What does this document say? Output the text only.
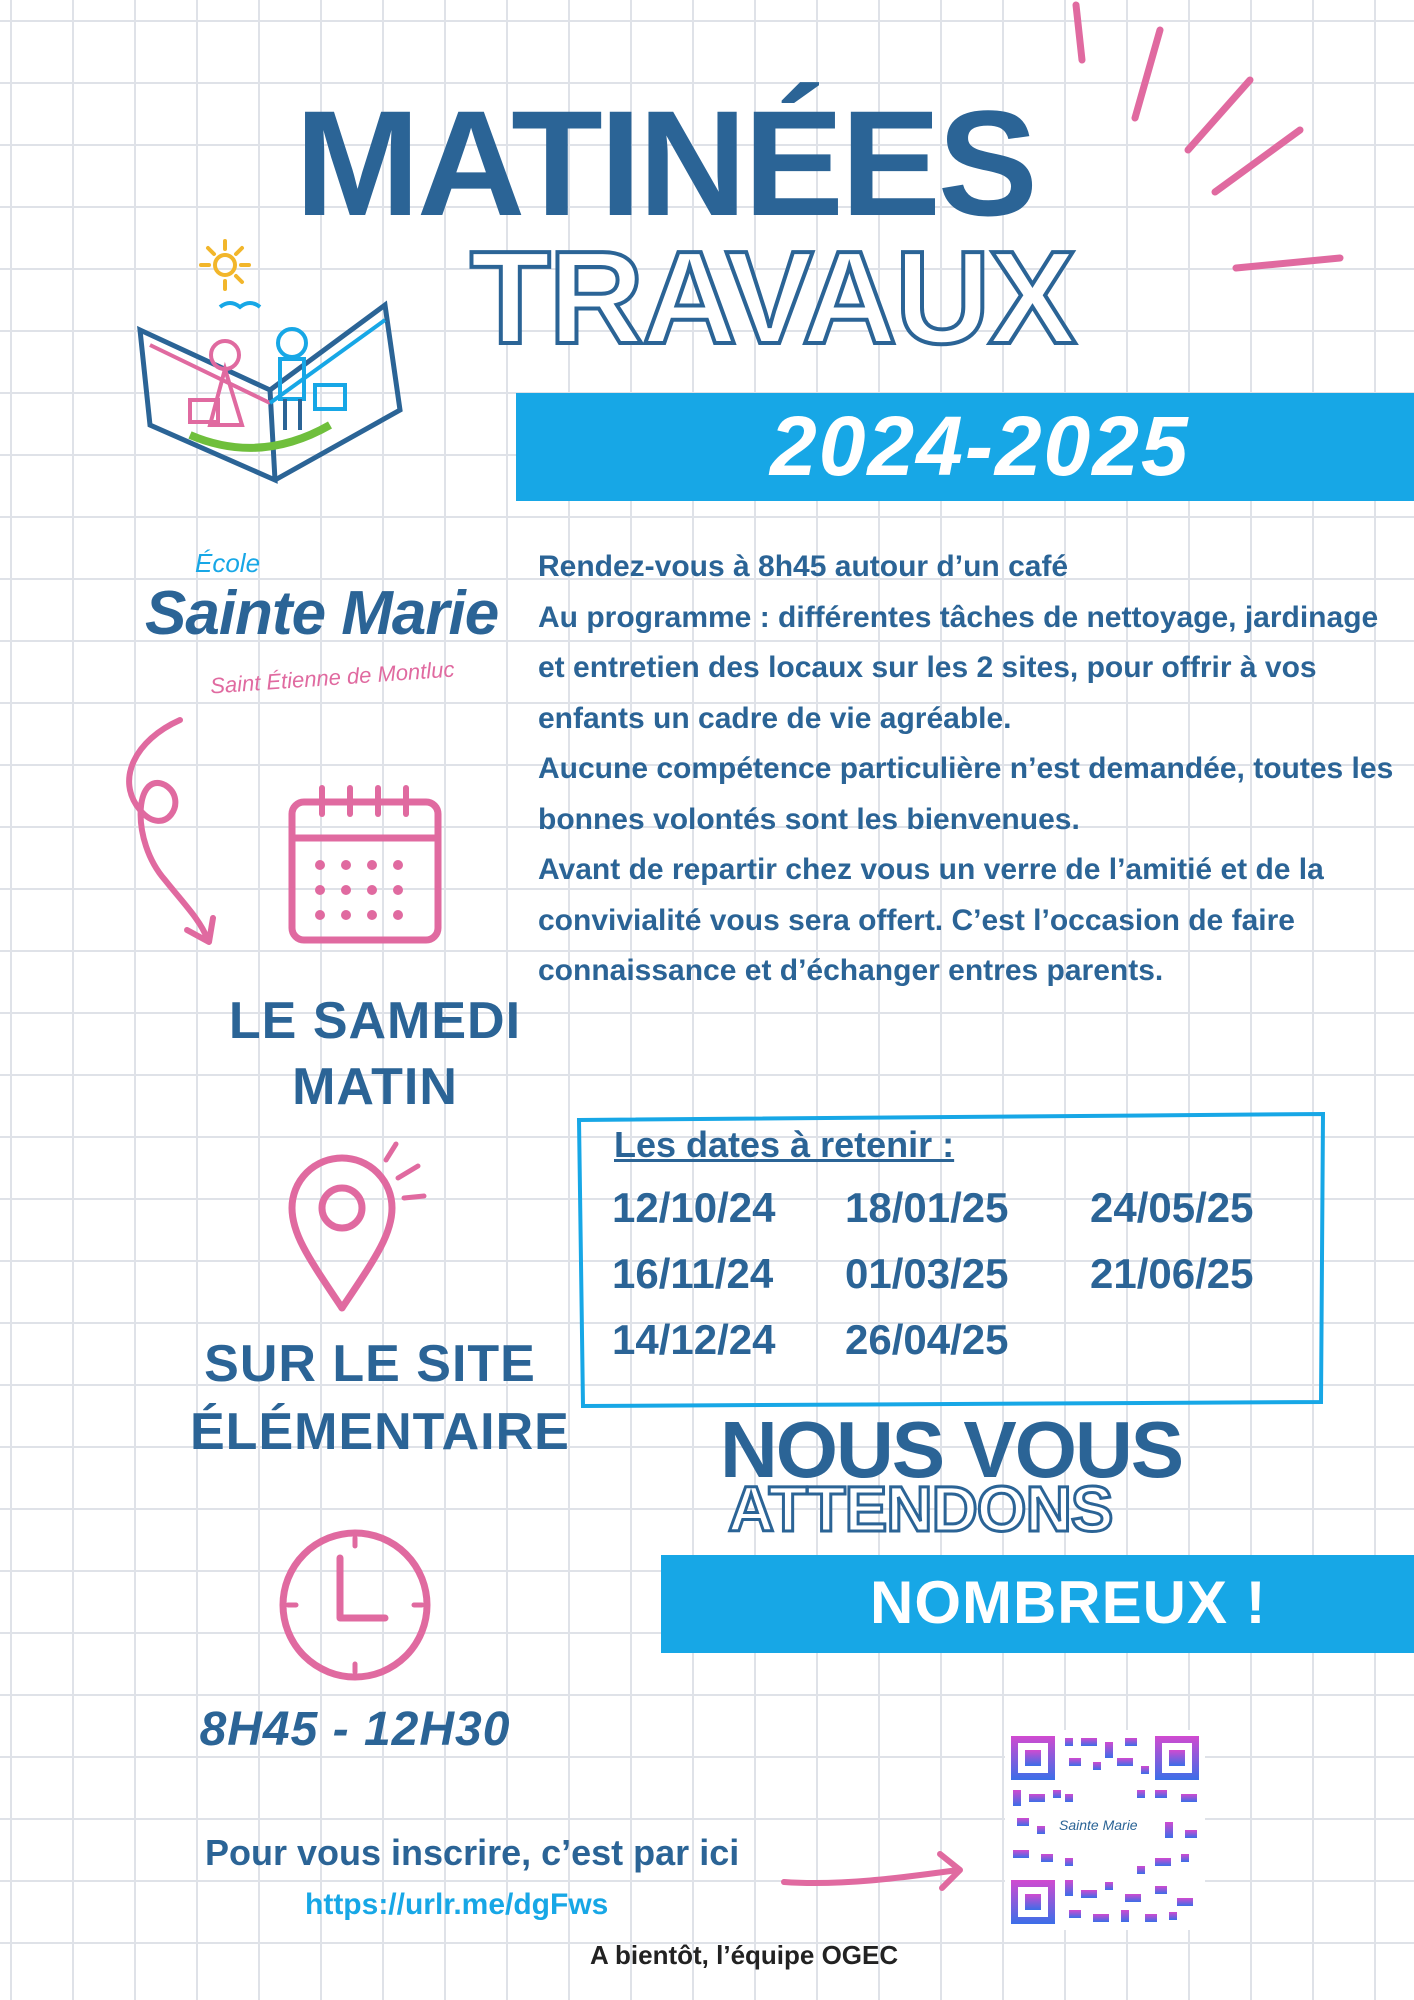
MATINÉES
TRAVAUX
École
Sainte Marie
Saint Étienne de Montluc
2024-2025

Rendez-vous à 8h45 autour d’un café

Au programme : différentes tâches de nettoyage, jardinage et entretien des locaux sur les 2 sites, pour offrir à vos enfants un cadre de vie agréable.

Aucune compétence particulière n’est demandée, toutes les bonnes volontés sont les bienvenues.

Avant de repartir chez vous un verre de l’amitié et de la convivialité vous sera offert. C’est l’occasion de faire connaissance et d’échanger entres parents.

LE SAMEDI
MATIN
SUR LE SITE
ÉLÉMENTAIRE
8H45 - 12H30
Les dates à retenir :
12/10/24
16/11/24
14/12/24
18/01/25
01/03/25
26/04/25
24/05/25
21/06/25
NOUS VOUS
ATTENDONS
NOMBREUX !
Pour vous inscrire, c’est par ici
https://urlr.me/dgFws
Sainte Marie
A bientôt, l’équipe OGEC
